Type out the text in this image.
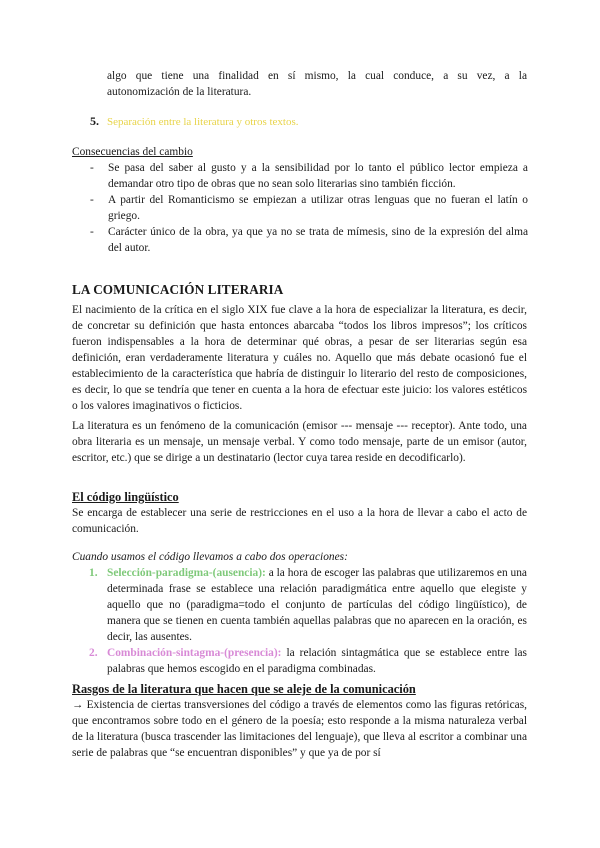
algo que tiene una finalidad en sí mismo, la cual conduce, a su vez, a la

autonomización de la literatura.

5. Separación entre la literatura y otros textos.
Consecuencias del cambio
- Se pasa del saber al gusto y a la sensibilidad por lo tanto el público lector empieza a demandar otro tipo de obras que no sean solo literarias sino también ficción.
- A partir del Romanticismo se empiezan a utilizar otras lenguas que no fueran el latín o griego.
- Carácter único de la obra, ya que ya no se trata de mímesis, sino de la expresión del alma del autor.
LA COMUNICACIÓN LITERARIA

El nacimiento de la crítica en el siglo XIX fue clave a la hora de especializar la literatura, es decir, de concretar su definición que hasta entonces abarcaba “todos los libros impresos”; los críticos fueron indispensables a la hora de determinar qué obras, a pesar de ser literarias según esa definición, eran verdaderamente literatura y cuáles no. Aquello que más debate ocasionó fue el establecimiento de la característica que habría de distinguir lo literario del resto de composiciones, es decir, lo que se tendría que tener en cuenta a la hora de efectuar este juicio: los valores estéticos o los valores imaginativos o ficticios.

La literatura es un fenómeno de la comunicación (emisor --- mensaje --- receptor). Ante todo, una obra literaria es un mensaje, un mensaje verbal. Y como todo mensaje, parte de un emisor (autor, escritor, etc.) que se dirige a un destinatario (lector cuya tarea reside en decodificarlo).

El código lingüístico

Se encarga de establecer una serie de restricciones en el uso a la hora de llevar a cabo el acto de comunicación.

Cuando usamos el código llevamos a cabo dos operaciones:

1. Selección-paradigma-(ausencia): a la hora de escoger las palabras que utilizaremos en una determinada frase se establece una relación paradigmática entre aquello que elegiste y aquello que no (paradigma=todo el conjunto de partículas del código lingüístico), de manera que se tienen en cuenta también aquellas palabras que no aparecen en la oración, es decir, las ausentes.
2. Combinación-sintagma-(presencia): la relación sintagmática que se establece entre las palabras que hemos escogido en el paradigma combinadas.
Rasgos de la literatura que hacen que se aleje de la comunicación

→ Existencia de ciertas transversiones del código a través de elementos como las figuras retóricas, que encontramos sobre todo en el género de la poesía; esto responde a la misma naturaleza verbal de la literatura (busca trascender las limitaciones del lenguaje), que lleva al escritor a combinar una serie de palabras que “se encuentran disponibles” y que ya de por sí
